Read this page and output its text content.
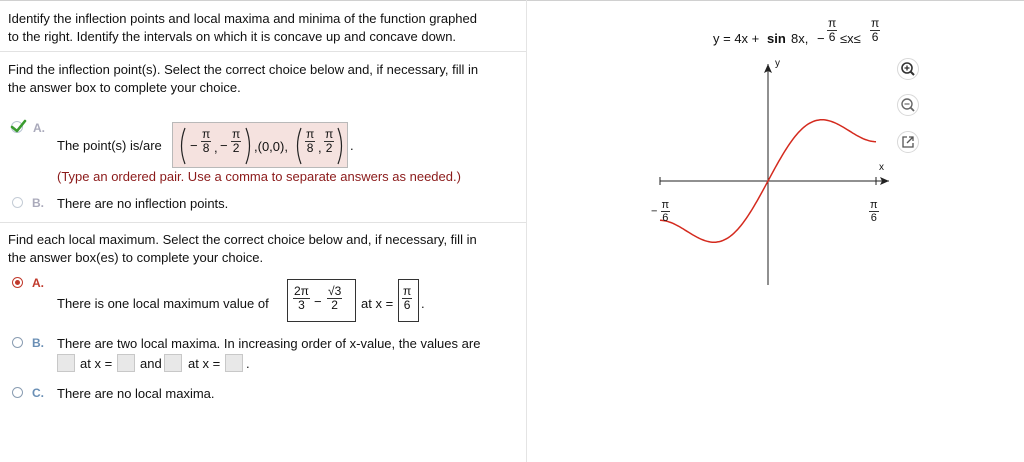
Identify the inflection points and local maxima and minima of the function graphed
to the right. Identify the intervals on which it is concave up and concave down.
Find the inflection point(s). Select the correct choice below and, if necessary, fill in
the answer box to complete your choice.
A.
The point(s) $is/are - \frac{\pi}{8}$ , − $\frac{\pi}{2} ,(0,0)$, $\frac{\pi}{8}$ , $\frac{\pi}{2}$ .
(Type an ordered pair. Use a comma to separate answers as needed.)
B. There are no inflection points.
Find each local maximum. Select the correct choice below and, if necessary, fill in
the answer box(es) to complete your choice.
A.
There is one local maximum value of $\frac{2\pi}{3} - \frac{√3}{2}$ at $x = \frac{\pi}{6}$ .
B. There are two local maxima. In increasing order of x-value, the values are
at x = and at x = .
C. There are no local maxima.
y = 4x + sin 8x, − $\frac{\pi}{6} \le x\le \frac{\pi}{6}$
y
x
− $\frac{\pi}{6}$	$\frac{\pi}{6}$
